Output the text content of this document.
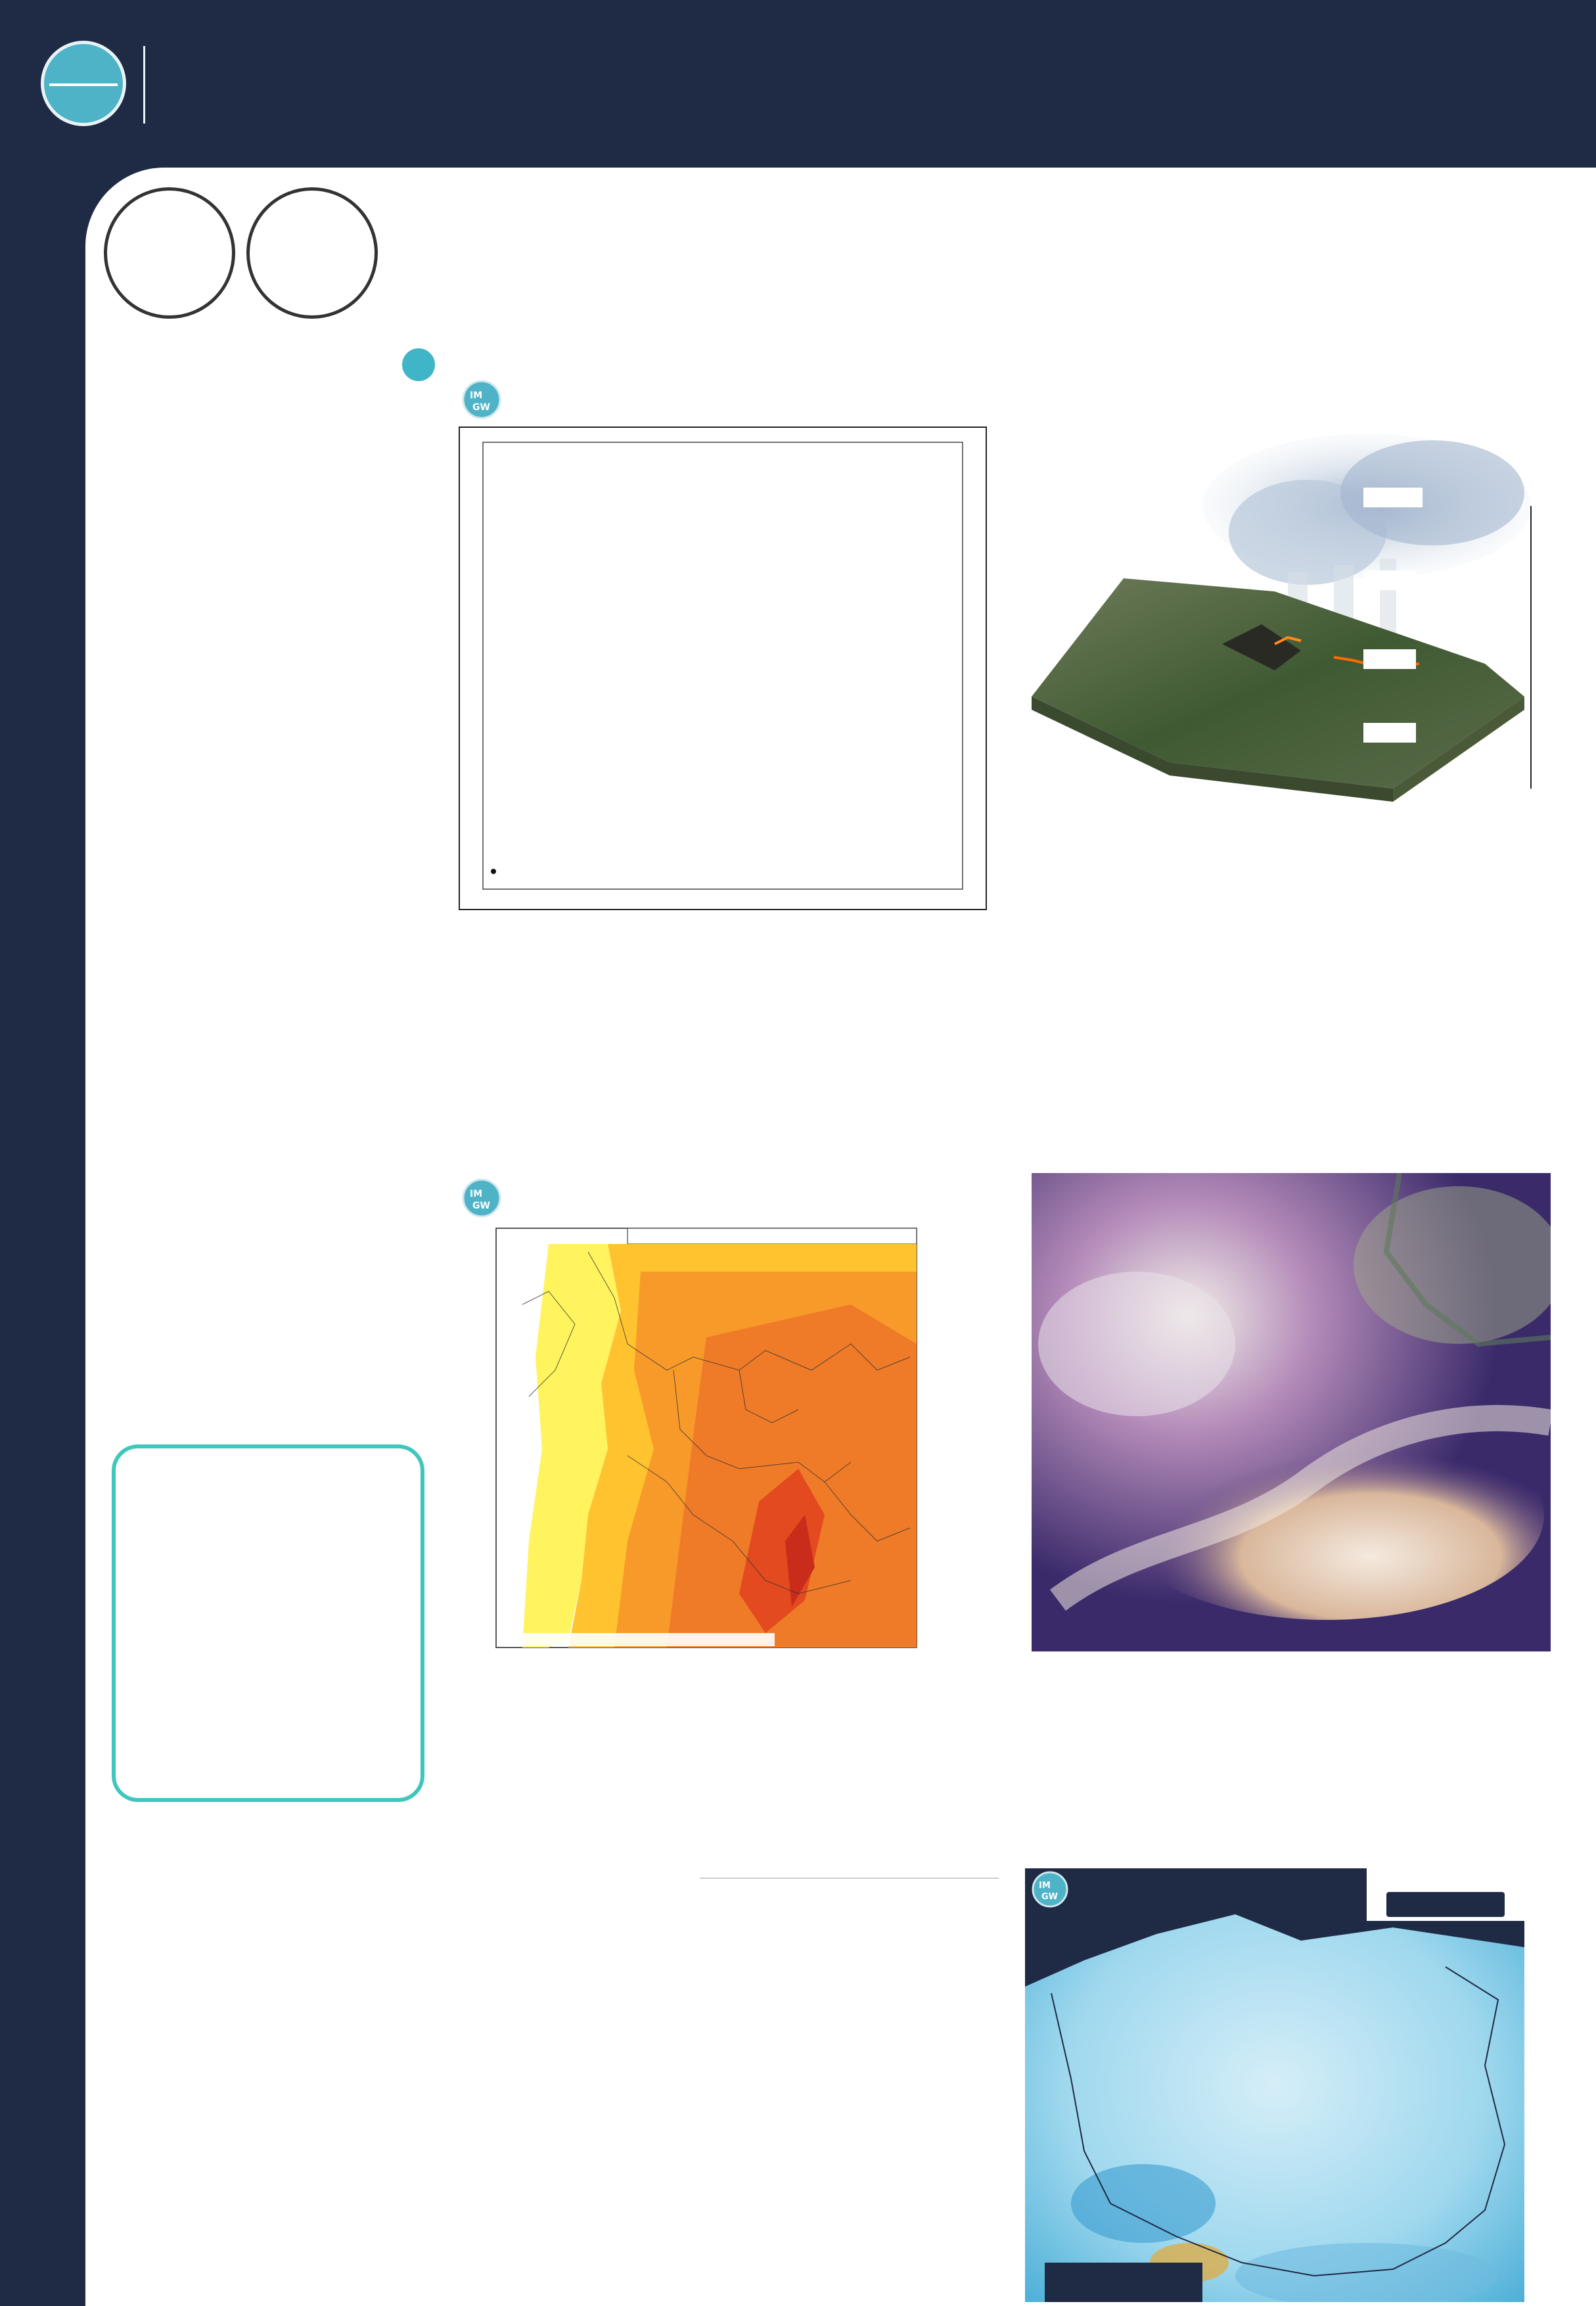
IM
GW
IM
GW
IM
GW
